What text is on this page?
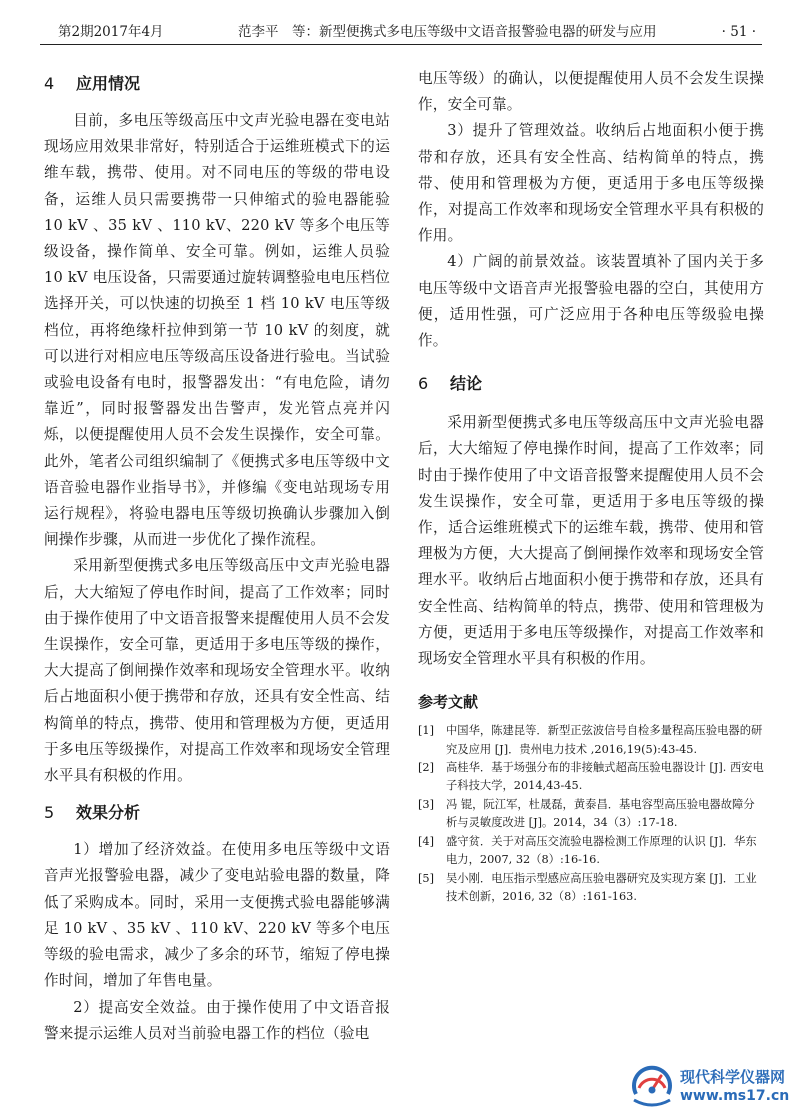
第2期2017年4月	范李平　等：新型便携式多电压等级中文语音报警验电器的研发与应用	· 51 ·
4 应用情况

目前，多电压等级高压中文声光验电器在变电站现场应用效果非常好，特别适合于运维班模式下的运维车载，携带、使用。对不同电压的等级的带电设备，运维人员只需要携带一只伸缩式的验电器能验 10 kV 、35 kV 、110 kV、220 kV 等多个电压等级设备，操作简单、安全可靠。例如，运维人员验 10 kV 电压设备，只需要通过旋转调整验电电压档位选择开关，可以快速的切换至 1 档 10 kV 电压等级档位，再将绝缘杆拉伸到第一节 10 kV 的刻度，就可以进行对相应电压等级高压设备进行验电。当试验或验电设备有电时，报警器发出：“有电危险，请勿靠近”，同时报警器发出告警声，发光管点亮并闪烁，以便提醒使用人员不会发生误操作，安全可靠。此外，笔者公司组织编制了《便携式多电压等级中文语音验电器作业指导书》，并修编《变电站现场专用运行规程》，将验电器电压等级切换确认步骤加入倒闸操作步骤，从而进一步优化了操作流程。

采用新型便携式多电压等级高压中文声光验电器后，大大缩短了停电作时间，提高了工作效率；同时由于操作使用了中文语音报警来提醒使用人员不会发生误操作，安全可靠，更适用于多电压等级的操作，大大提高了倒闸操作效率和现场安全管理水平。收纳后占地面积小便于携带和存放，还具有安全性高、结构简单的特点，携带、使用和管理极为方便，更适用于多电压等级操作，对提高工作效率和现场安全管理水平具有积极的作用。

5 效果分析

1）增加了经济效益。在使用多电压等级中文语音声光报警验电器，减少了变电站验电器的数量，降低了采购成本。同时，采用一支便携式验电器能够满足 10 kV 、35 kV 、110 kV、220 kV 等多个电压等级的验电需求，减少了多余的环节，缩短了停电操作时间，增加了年售电量。

2）提高安全效益。由于操作使用了中文语音报警来提示运维人员对当前验电器工作的档位（验电

电压等级）的确认，以便提醒使用人员不会发生误操作，安全可靠。

3）提升了管理效益。收纳后占地面积小便于携带和存放，还具有安全性高、结构简单的特点，携带、使用和管理极为方便，更适用于多电压等级操作，对提高工作效率和现场安全管理水平具有积极的作用。

4）广阔的前景效益。该装置填补了国内关于多电压等级中文语音声光报警验电器的空白，其使用方便，适用性强，可广泛应用于各种电压等级验电操作。

6 结论

采用新型便携式多电压等级高压中文声光验电器后，大大缩短了停电操作时间，提高了工作效率；同时由于操作使用了中文语音报警来提醒使用人员不会发生误操作，安全可靠，更适用于多电压等级的操作，适合运维班模式下的运维车载，携带、使用和管理极为方便，大大提高了倒闸操作效率和现场安全管理水平。收纳后占地面积小便于携带和存放，还具有安全性高、结构简单的特点，携带、使用和管理极为方便，更适用于多电压等级操作，对提高工作效率和现场安全管理水平具有积极的作用。

参考文献
[1]	中国华，陈建昆等．新型正弦波信号自检多量程高压验电器的研究及应用 [J]．贵州电力技术 ,2016,19(5):43-45.
[2]	高桂华．基于场强分布的非接触式超高压验电器设计 [J]. 西安电子科技大学，2014,43-45.
[3]	冯 锟，阮江军，杜晟磊，黄泰昌．基电容型高压验电器故障分析与灵敏度改进 [J]。2014，34（3）:17-18.
[4]	盛守贫．关于对高压交流验电器检测工作原理的认识 [J]．华东电力，2007, 32（8）:16-16.
[5]	吴小刚．电压指示型感应高压验电器研究及实现方案 [J]．工业技术创新，2016, 32（8）:161-163.
现代科学仪器网
www.ms17.cn
